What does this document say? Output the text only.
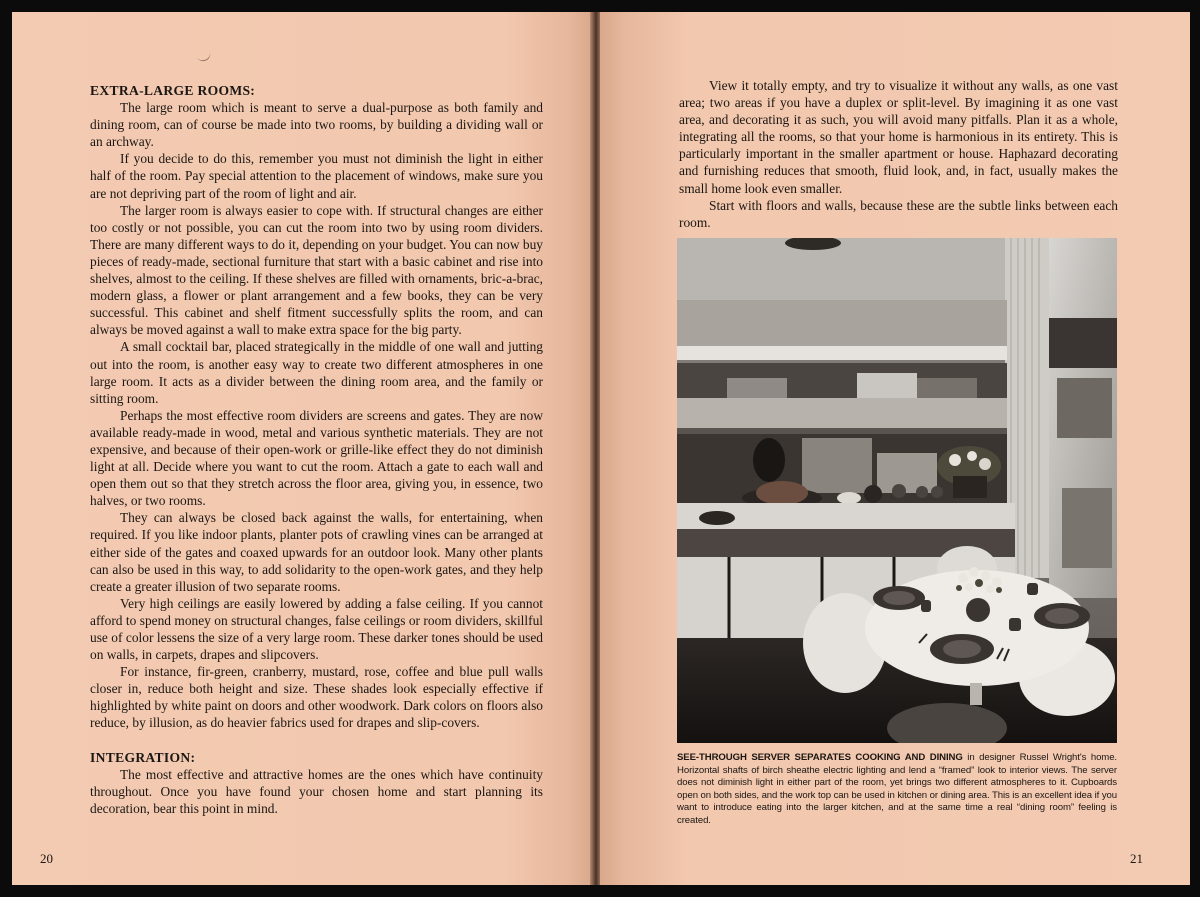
EXTRA-LARGE ROOMS:

The large room which is meant to serve a dual-purpose as both family and dining room, can of course be made into two rooms, by building a dividing wall or an archway.

If you decide to do this, remember you must not diminish the light in either half of the room. Pay special attention to the placement of windows, make sure you are not depriving part of the room of light and air.

The larger room is always easier to cope with. If structural changes are either too costly or not possible, you can cut the room into two by using room dividers. There are many different ways to do it, depending on your budget. You can now buy pieces of ready-made, sectional furniture that start with a basic cabinet and rise into shelves, almost to the ceiling. If these shelves are filled with ornaments, bric-a-brac, modern glass, a flower or plant arrangement and a few books, they can be very successful. This cabinet and shelf fitment successfully splits the room, and can always be moved against a wall to make extra space for the big party.

A small cocktail bar, placed strategically in the middle of one wall and jutting out into the room, is another easy way to create two different atmospheres in one large room. It acts as a divider between the dining room area, and the family or sitting room.

Perhaps the most effective room dividers are screens and gates. They are now available ready-made in wood, metal and various synthetic materials. They are not expensive, and because of their open-work or grille-like effect they do not diminish light at all. Decide where you want to cut the room. Attach a gate to each wall and open them out so that they stretch across the floor area, giving you, in essence, two halves, or two rooms.

They can always be closed back against the walls, for entertaining, when required. If you like indoor plants, planter pots of crawling vines can be arranged at either side of the gates and coaxed upwards for an outdoor look. Many other plants can also be used in this way, to add solidarity to the open-work gates, and they help create a greater illusion of two separate rooms.

Very high ceilings are easily lowered by adding a false ceiling. If you cannot afford to spend money on structural changes, false ceilings or room dividers, skillful use of color lessens the size of a very large room. These darker tones should be used on walls, in carpets, drapes and slipcovers.

For instance, fir-green, cranberry, mustard, rose, coffee and blue pull walls closer in, reduce both height and size. These shades look especially effective if highlighted by white paint on doors and other woodwork. Dark colors on floors also reduce, by illusion, as do heavier fabrics used for drapes and slip-covers.

INTEGRATION:

The most effective and attractive homes are the ones which have continuity throughout. Once you have found your chosen home and start planning its decoration, bear this point in mind.

20

View it totally empty, and try to visualize it without any walls, as one vast area; two areas if you have a duplex or split-level. By imagining it as one vast area, and decorating it as such, you will avoid many pitfalls. Plan it as a whole, integrating all the rooms, so that your home is harmonious in its entirety. This is particularly important in the smaller apartment or house. Haphazard decorating and furnishing reduces that smooth, fluid look, and, in fact, usually makes the small home look even smaller.

Start with floors and walls, because these are the subtle links between each room.

SEE-THROUGH SERVER SEPARATES COOKING AND DINING in designer Russel Wright's home. Horizontal shafts of birch sheathe electric lighting and lend a “framed” look to interior views. The server does not diminish light in either part of the room, yet brings two different atmospheres to it. Cupboards open on both sides, and the work top can be used in kitchen or dining area. This is an excellent idea if you want to introduce eating into the larger kitchen, and at the same time a real “dining room” feeling is created.
21
